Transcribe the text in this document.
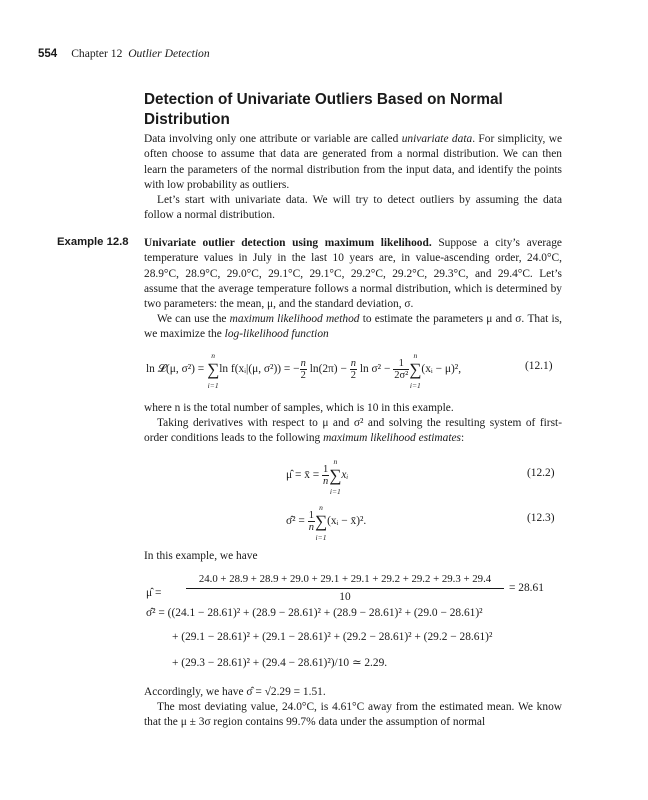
554 Chapter 12 Outlier Detection
Detection of Univariate Outliers Based on Normal Distribution
Data involving only one attribute or variable are called univariate data. For simplicity, we often choose to assume that data are generated from a normal distribution. We can then learn the parameters of the normal distribution from the input data, and identify the points with low probability as outliers.
Let’s start with univariate data. We will try to detect outliers by assuming the data follow a normal distribution.
Example 12.8	Univariate outlier detection using maximum likelihood. Suppose a city’s average temperature values in July in the last 10 years are, in value-ascending order, 24.0°C, 28.9°C, 28.9°C, 29.0°C, 29.1°C, 29.1°C, 29.2°C, 29.2°C, 29.3°C, and 29.4°C. Let’s assume that the average temperature follows a normal distribution, which is determined by two parameters: the mean, μ, and the standard deviation, σ.
We can use the maximum likelihood method to estimate the parameters μ and σ. That is, we maximize the log-likelihood function
ln 𝓛(μ, σ²) = ∑
n
i=1
ln f(xᵢ|(μ, σ²)) = − $\frac{n}{2} \ln(2\pi) - \frac{n}{2}$ $\ln \sigma^2 - \frac{1}{\text{2σ²}}$ ∑
n
i=1
(xᵢ − μ)²,	(12.1)
where n is the total number of samples, which is 10 in this example.
Taking derivatives with respect to μ and σ² and solving the resulting system of first-order conditions leads to the following maximum likelihood estimates:
μ̂ = x̄ = $\frac{1}{n}$ ∑
n
i=1
xᵢ	(12.2)
σ̂² = $\frac{1}{n}$ ∑
n
i=1
(xᵢ − x̄)².	(12.3)
In this example, we have
μ̂ =
24.0 + 28.9 + 28.9 + 29.0 + 29.1 + 29.1 + 29.2 + 29.2 + 29.3 + 29.4
10
= 28.61
σ̂² = ((24.1 − 28.61)² + (28.9 − 28.61)² + (28.9 − 28.61)² + (29.0 − 28.61)²
+ (29.1 − 28.61)² + (29.1 − 28.61)² + (29.2 − 28.61)² + (29.2 − 28.61)²
+ (29.3 − 28.61)² + (29.4 − 28.61)²)/10 ≃ 2.29.
Accordingly, we have σ̂ = √2.29 = 1.51.
The most deviating value, 24.0°C, is 4.61°C away from the estimated mean. We know that the μ ± 3σ region contains 99.7% data under the assumption of normal
